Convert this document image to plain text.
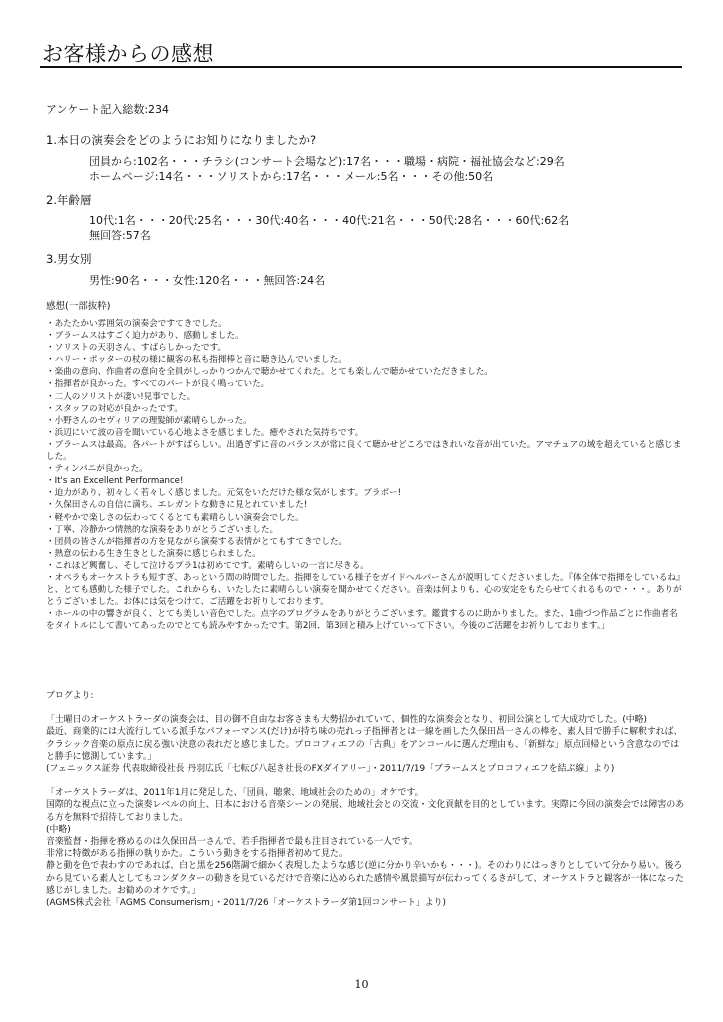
お客様からの感想
アンケート記入総数:234
1.本日の演奏会をどのようにお知りになりましたか?
団員から:102名・・・チラシ(コンサート会場など):17名・・・職場・病院・福祉協会など:29名
ホームページ:14名・・・ソリストから:17名・・・メール:5名・・・その他:50名
2.年齢層
10代:1名・・・20代:25名・・・30代:40名・・・40代:21名・・・50代:28名・・・60代:62名
無回答:57名
3.男女別
男性:90名・・・女性:120名・・・無回答:24名
感想(一部抜粋)
・あたたかい雰囲気の演奏会ですてきでした。
・ブラームスはすごく迫力があり、感動しました。
・ソリストの天羽さん、すばらしかったです。
・ハリー・ポッターの杖の様に観客の私も指揮棒と音に聴き込んでいました。
・楽曲の意向、作曲者の意向を全員がしっかりつかんで聴かせてくれた。とても楽しんで聴かせていただきました。
・指揮者が良かった。すべてのパートが良く鳴っていた。
・二人のソリストが凄い!見事でした。
・スタッフの対応が良かったです。
・小野さんのセヴィリアの理髪師が素晴らしかった。
・浜辺にいて波の音を聞いている心地よさを感じました。癒やされた気持ちです。
・ブラームスは最高。各パートがすばらしい。出過ぎずに音のバランスが常に良くて聴かせどころではきれいな音が出ていた。アマチュアの域を超えていると感じました。
・ティンパニが良かった。
・It's an Excellent Performance!
・迫力があり、初々しく若々しく感じました。元気をいただけた様な気がします。ブラボー!
・久保田さんの自信に満ち、エレガントな動きに見とれていました!
・軽やかで楽しさの伝わってくるとても素晴らしい演奏会でした。
・丁寧、冷静かつ情熱的な演奏をありがとうございました。
・団員の皆さんが指揮者の方を見ながら演奏する表情がとてもすてきでした。
・熱意の伝わる生き生きとした演奏に感じられました。
・これほど興奮し、そして泣けるプラ1は初めてです。素晴らしいの一言に尽きる。
・オペラもオーケストラも短すぎ、あっという間の時間でした。指揮をしている様子をガイドヘルパーさんが説明してくださいました。『体全体で指揮をしているね』と、とても感動した様子でした。これからも、いたしたに素晴らしい演奏を聞かせてください。音楽は何よりも、心の安定をもたらせてくれるもので・・・。ありがとうございました。お体には気をつけて、ご活躍をお祈りしております。
・ホールの中の響きが良く、とても美しい音色でした。点字のプログラムをありがとうございます。鑑賞するのに助かりました。また、1曲づつ作品ごとに作曲者名をタイトルにして書いてあったのでとても読みやすかったです。第2回、第3回と積み上げていって下さい。今後のご活躍をお祈りしております。」
ブログより:
「土曜日のオーケストラーダの演奏会は、目の御不自由なお客さまも大勢招かれていて、個性的な演奏会となり、初回公演として大成功でした。(中略)
最近、商業的には大流行している派手なパフォーマンス(だけ)が持ち味の売れっ子指揮者とは一線を画した久保田昌一さんの棒を、素人目で勝手に解釈すれば、クラシック音楽の原点に戻る強い決意の表れだと感じました。プロコフィエフの「古典」をアンコールに選んだ理由も、「新鮮な」原点回帰という含意なのではと勝手に憶測しています。」
(フェニックス証券 代表取締役社長 丹羽広氏「七転び八起き社長のFXダイアリー」・2011/7/19「ブラームスとプロコフィエフを結ぶ線」より)
「オーケストラーダは、2011年1月に発足した、「団員、聴衆、地域社会のための」オケです。
国際的な視点に立った演奏レベルの向上、日本における音楽シーンの発展、地域社会との交流・文化貢献を目的としています。実際に今回の演奏会では障害のある方を無料で招待しておりました。
(中略)
音楽監督・指揮を務めるのは久保田昌一さんで、若手指揮者で最も注目されている一人です。
非常に特徴がある指揮の執りかた。こういう動きをする指揮者初めて見た。
静と動を色で表わすのであれば、白と黒を256階調で細かく表現したような感じ(逆に分かり辛いかも・・・)。そのわりにはっきりとしていて分かり易い。後ろから見ている素人としてもコンダクターの動きを見ているだけで音楽に込められた感情や風景描写が伝わってくるきがして、オーケストラと観客が一体になった感じがしました。お勧めのオケです。」
(AGMS株式会社「AGMS Consumerism」・2011/7/26「オーケストラーダ第1回コンサート」より)
10
